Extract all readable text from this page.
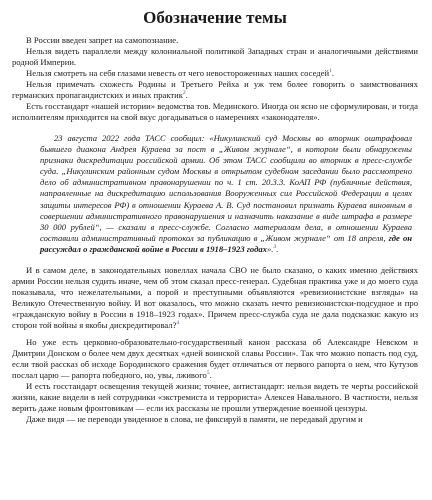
Обозначение темы

В России введен запрет на самопознание.

Нельзя видеть параллели между колониальной политикой Западных стран и аналогичными действиями родной Империи.

Нельзя смотреть на себя глазами невесть от чего невостороженных наших соседей$^1$.

Нельзя примечать схожесть Родины и Третьего Рейха и уж тем более говорить о заимствованиях германских пропагандистских и иных практик$^2$.

Есть госстандарт «нашей истории» ведомства тов. Мединского. Иногда он ясно не сформулирован, и тогда исполнителям приходится на свой вкус догадываться о намерениях «законодателя».

23 августа 2022 года ТАСС сообщил: «Никулинский суд Москвы во вторник оштрафовал бывшего диакона Андрея Кураева за пост в „Живом журнале“, в котором были обнаружены признаки дискредитации российской армии. Об этом ТАСС сообщили во вторник в пресс-службе суда. „Никулинским районным судом Москвы в открытом судебном заседании было рассмотрено дело об административном правонарушении по ч. 1 ст. 20.3.3. КоАП РФ (публичные действия, направленные на дискредитацию использования Вооруженных сил Российской Федерации в целях защиты интересов РФ) в отношении Кураева А. В. Суд постановил признать Кураева виновным в совершении административного правонарушения и назначить наказание в виде штрафа в размере 30 000 рублей“, — сказали в пресс-службе. Согласно материалам дела, в отношении Кураева составили административный протокол за публикацию в „Живом журнале“ от 18 апреля, где он рассуждал о гражданской войне в России в 1918–1923 годах».$^3$.

И в самом деле, в законодательных новеллах начала СВО не было сказано, о каких именно действиях армии России нельзя судить иначе, чем об этом сказал пресс-генерал. Судебная практика уже и до моего суда показывала, что нежелательными, а порой и преступными объявляются «ревизионистские взгляды» на Великую Отечественную войну. И вот оказалось, что можно сказать нечто ревизионистски-подсудное и про «гражданскую войну в России в 1918–1923 годах». Причем пресс-служба суда не дала подсказки: какую из сторон той войны я якобы дискредитировал?$^4$

Но уже есть церковно-образовательно-государственный канон рассказа об Александре Невском и Дмитрии Донском о более чем двух десятках «дней воинской славы России». Так что можно попасть под суд, если твой рассказ об исходе Бородинского сражения будет отличаться от первого рапорта о нем, что Кутузов послал царю — рапорта победного, но, увы, лживого$^5$.

И есть госстандарт освещения текущей жизни; точнее, антистандарт: нельзя видеть те черты российской жизни, какие видели в ней сотрудники «экстремиста и террориста» Алексея Навального. В частности, нельзя верить даже новым фронтовикам — если их рассказы не прошли утверждение военной цензуры.

Даже видя — не переводи увиденное в слова, не фиксируй в памяти, не передавай другим и
